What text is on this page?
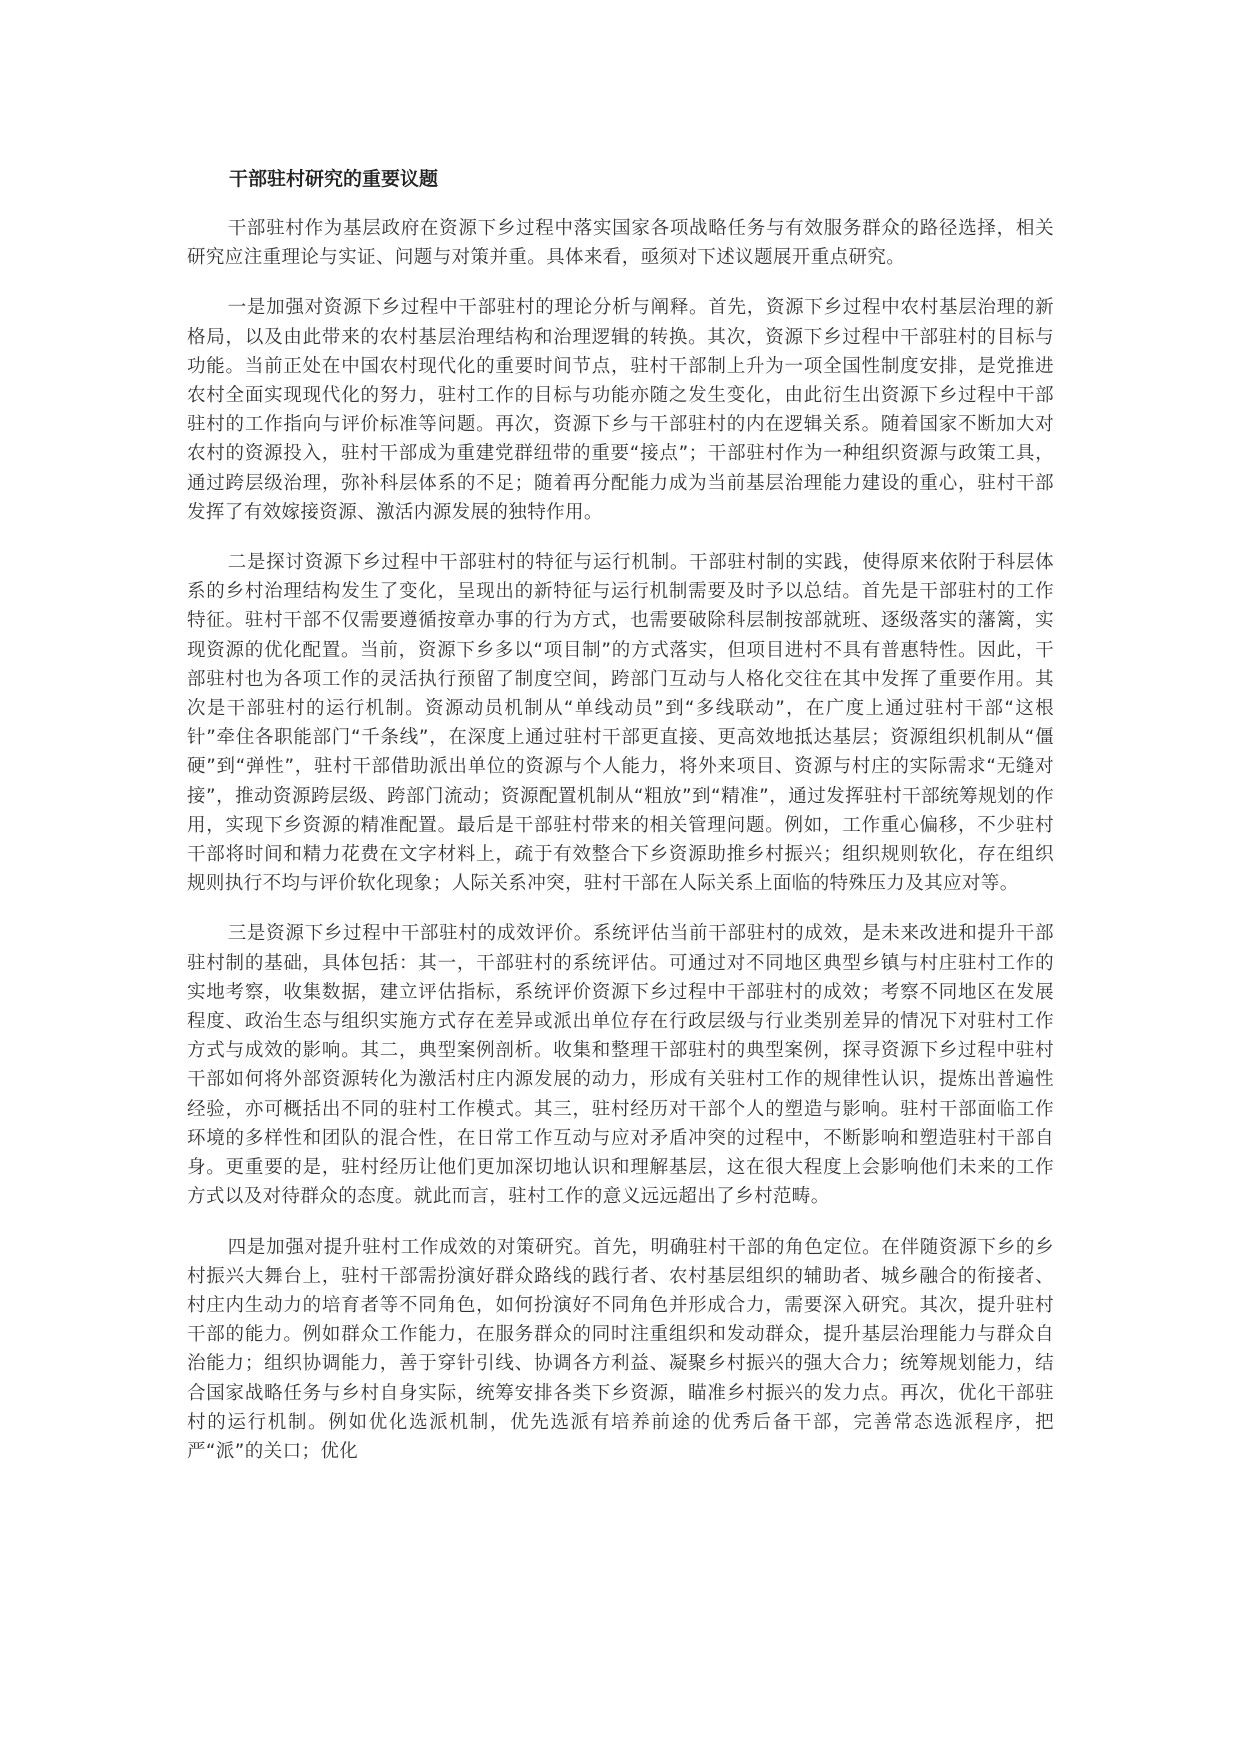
干部驻村研究的重要议题

干部驻村作为基层政府在资源下乡过程中落实国家各项战略任务与有效服务群众的路径选择，相关研究应注重理论与实证、问题与对策并重。具体来看，亟须对下述议题展开重点研究。

一是加强对资源下乡过程中干部驻村的理论分析与阐释。首先，资源下乡过程中农村基层治理的新格局，以及由此带来的农村基层治理结构和治理逻辑的转换。其次，资源下乡过程中干部驻村的目标与功能。当前正处在中国农村现代化的重要时间节点，驻村干部制上升为一项全国性制度安排，是党推进农村全面实现现代化的努力，驻村工作的目标与功能亦随之发生变化，由此衍生出资源下乡过程中干部驻村的工作指向与评价标准等问题。再次，资源下乡与干部驻村的内在逻辑关系。随着国家不断加大对农村的资源投入，驻村干部成为重建党群纽带的重要“接点”；干部驻村作为一种组织资源与政策工具，通过跨层级治理，弥补科层体系的不足；随着再分配能力成为当前基层治理能力建设的重心，驻村干部发挥了有效嫁接资源、激活内源发展的独特作用。

二是探讨资源下乡过程中干部驻村的特征与运行机制。干部驻村制的实践，使得原来依附于科层体系的乡村治理结构发生了变化，呈现出的新特征与运行机制需要及时予以总结。首先是干部驻村的工作特征。驻村干部不仅需要遵循按章办事的行为方式，也需要破除科层制按部就班、逐级落实的藩篱，实现资源的优化配置。当前，资源下乡多以“项目制”的方式落实，但项目进村不具有普惠特性。因此，干部驻村也为各项工作的灵活执行预留了制度空间，跨部门互动与人格化交往在其中发挥了重要作用。其次是干部驻村的运行机制。资源动员机制从“单线动员”到“多线联动”，在广度上通过驻村干部“这根针”牵住各职能部门“千条线”，在深度上通过驻村干部更直接、更高效地抵达基层；资源组织机制从“僵硬”到“弹性”，驻村干部借助派出单位的资源与个人能力，将外来项目、资源与村庄的实际需求“无缝对接”，推动资源跨层级、跨部门流动；资源配置机制从“粗放”到“精准”，通过发挥驻村干部统筹规划的作用，实现下乡资源的精准配置。最后是干部驻村带来的相关管理问题。例如，工作重心偏移，不少驻村干部将时间和精力花费在文字材料上，疏于有效整合下乡资源助推乡村振兴；组织规则软化，存在组织规则执行不均与评价软化现象；人际关系冲突，驻村干部在人际关系上面临的特殊压力及其应对等。

三是资源下乡过程中干部驻村的成效评价。系统评估当前干部驻村的成效，是未来改进和提升干部驻村制的基础，具体包括：其一，干部驻村的系统评估。可通过对不同地区典型乡镇与村庄驻村工作的实地考察，收集数据，建立评估指标，系统评价资源下乡过程中干部驻村的成效；考察不同地区在发展程度、政治生态与组织实施方式存在差异或派出单位存在行政层级与行业类别差异的情况下对驻村工作方式与成效的影响。其二，典型案例剖析。收集和整理干部驻村的典型案例，探寻资源下乡过程中驻村干部如何将外部资源转化为激活村庄内源发展的动力，形成有关驻村工作的规律性认识，提炼出普遍性经验，亦可概括出不同的驻村工作模式。其三，驻村经历对干部个人的塑造与影响。驻村干部面临工作环境的多样性和团队的混合性，在日常工作互动与应对矛盾冲突的过程中，不断影响和塑造驻村干部自身。更重要的是，驻村经历让他们更加深切地认识和理解基层，这在很大程度上会影响他们未来的工作方式以及对待群众的态度。就此而言，驻村工作的意义远远超出了乡村范畴。

四是加强对提升驻村工作成效的对策研究。首先，明确驻村干部的角色定位。在伴随资源下乡的乡村振兴大舞台上，驻村干部需扮演好群众路线的践行者、农村基层组织的辅助者、城乡融合的衔接者、村庄内生动力的培育者等不同角色，如何扮演好不同角色并形成合力，需要深入研究。其次，提升驻村干部的能力。例如群众工作能力，在服务群众的同时注重组织和发动群众，提升基层治理能力与群众自治能力；组织协调能力，善于穿针引线、协调各方利益、凝聚乡村振兴的强大合力；统筹规划能力，结合国家战略任务与乡村自身实际，统筹安排各类下乡资源，瞄准乡村振兴的发力点。再次，优化干部驻村的运行机制。例如优化选派机制，优先选派有培养前途的优秀后备干部，完善常态选派程序，把严“派”的关口；优化
